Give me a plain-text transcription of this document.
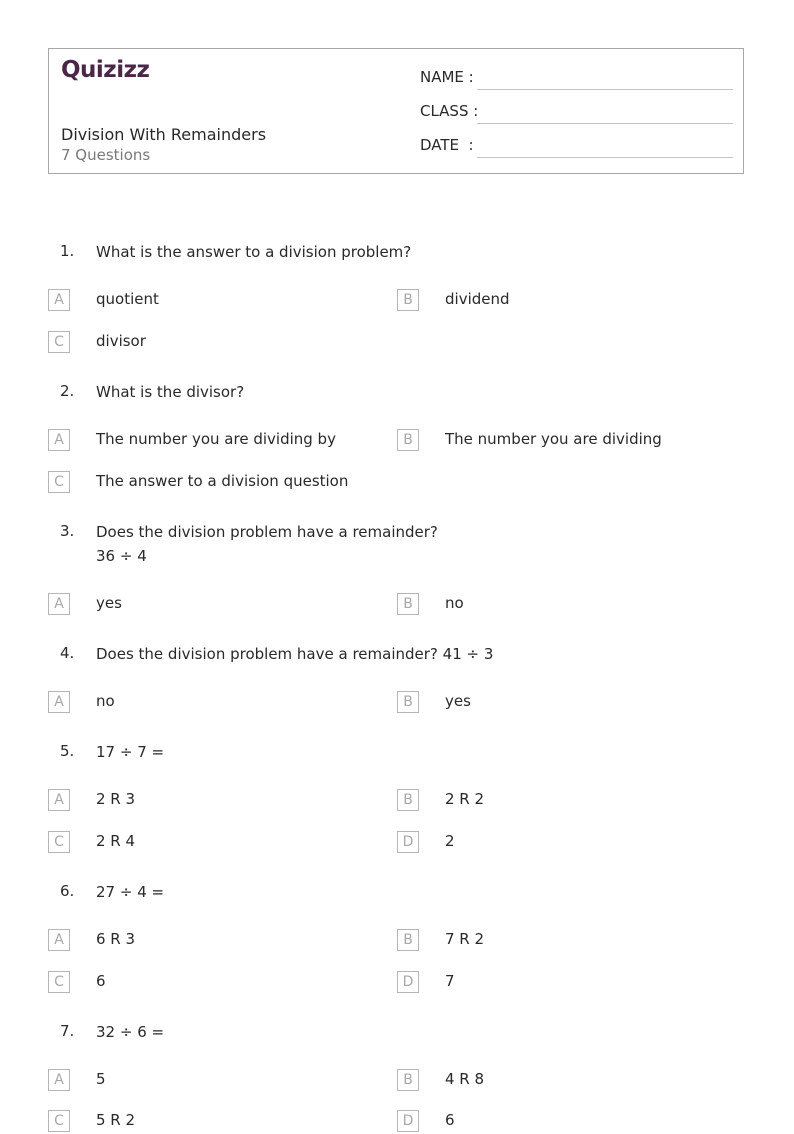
Quizizz
Division With Remainders
7 Questions
NAME :
CLASS :
DATE  :
1. What is the answer to a division problem?
A	quotient	B	dividend
C	divisor
2. What is the divisor?
A	The number you are dividing by	B	The number you are dividing
C	The answer to a division question
3. Does the division problem have a remainder?
36 ÷ 4
A	yes	B	no
4. Does the division problem have a remainder? 41 ÷ 3
A	no	B	yes
5. 17 ÷ 7 =
A	2 R 3	B	2 R 2
C	2 R 4	D	2
6. 27 ÷ 4 =
A	6 R 3	B	7 R 2
C	6	D	7
7. 32 ÷ 6 =
A	5	B	4 R 8
C	5 R 2	D	6
